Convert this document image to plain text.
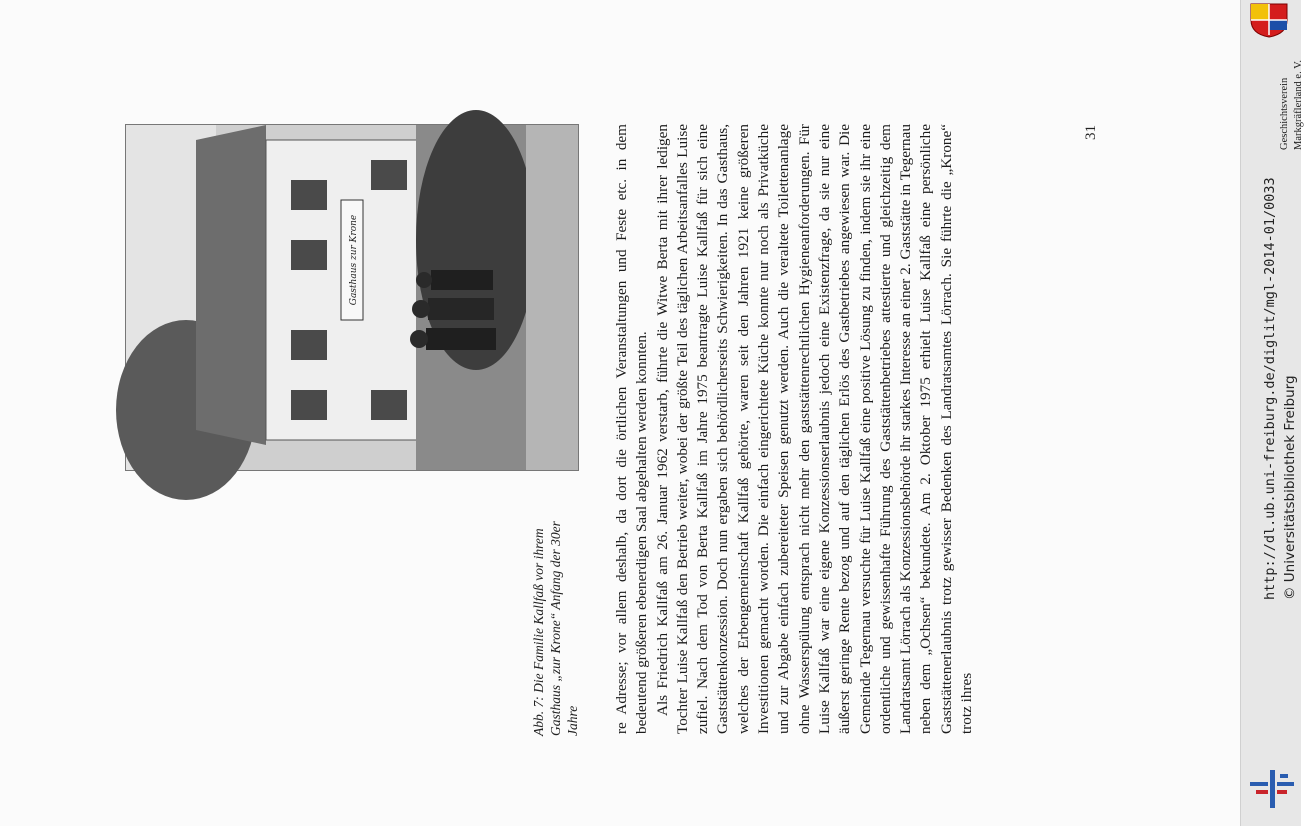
Gasthaus zur Krone

Abb. 7: Die Familie Kallfaß vor ihrem Gasthaus „zur Krone“ Anfang der 30er Jahre re Adresse; vor allem deshalb, da dort die örtlichen Veranstaltungen und Feste etc. in dem bedeutend größeren ebenerdigen Saal abgehalten werden konnten. Als Friedrich Kallfaß am 26. Januar 1962 verstarb, führte die Witwe Berta mit ihrer ledigen Tochter Luise Kallfaß den Betrieb weiter, wobei der größte Teil des täglichen Arbeitsanfalles Luise zufiel. Nach dem Tod von Berta Kallfaß im Jahre 1975 beantragte Luise Kallfaß für sich eine Gaststättenkonzession. Doch nun ergaben sich behördlicherseits Schwierigkeiten. In das Gasthaus, welches der Erbengemeinschaft Kallfaß gehörte, waren seit den Jahren 1921 keine größeren Investitionen gemacht worden. Die einfach eingerichtete Küche konnte nur noch als Privatküche und zur Abgabe einfach zubereiteter Speisen genutzt werden. Auch die veraltete Toilettenanlage ohne Wasserspülung entsprach nicht mehr den gaststättenrechtlichen Hygieneanforderungen. Für Luise Kallfaß war eine eigene Konzessionserlaubnis jedoch eine Existenzfrage, da sie nur eine äußerst geringe Rente bezog und auf den täglichen Erlös des Gastbetriebes angewiesen war. Die Gemeinde Tegernau versuchte für Luise Kallfaß eine positive Lösung zu finden, indem sie ihr eine ordentliche und gewissenhafte Führung des Gaststättenbetriebes attestierte und gleichzeitig dem Landratsamt Lörrach als Konzessionsbehörde ihr starkes Interesse an einer 2. Gaststätte in Tegernau neben dem „Ochsen“ bekundete. Am 2. Oktober 1975 erhielt Luise Kallfaß eine persönliche Gaststättenerlaubnis trotz gewisser Bedenken des Landratsamtes Lörrach. Sie führte die „Krone“ trotz ihres

31	Geschichtsverein Markgräflerland e. V.
http://dl.ub.uni-freiburg.de/diglit/mgl-2014-01/0033 © Universitätsbibliothek Freiburg
